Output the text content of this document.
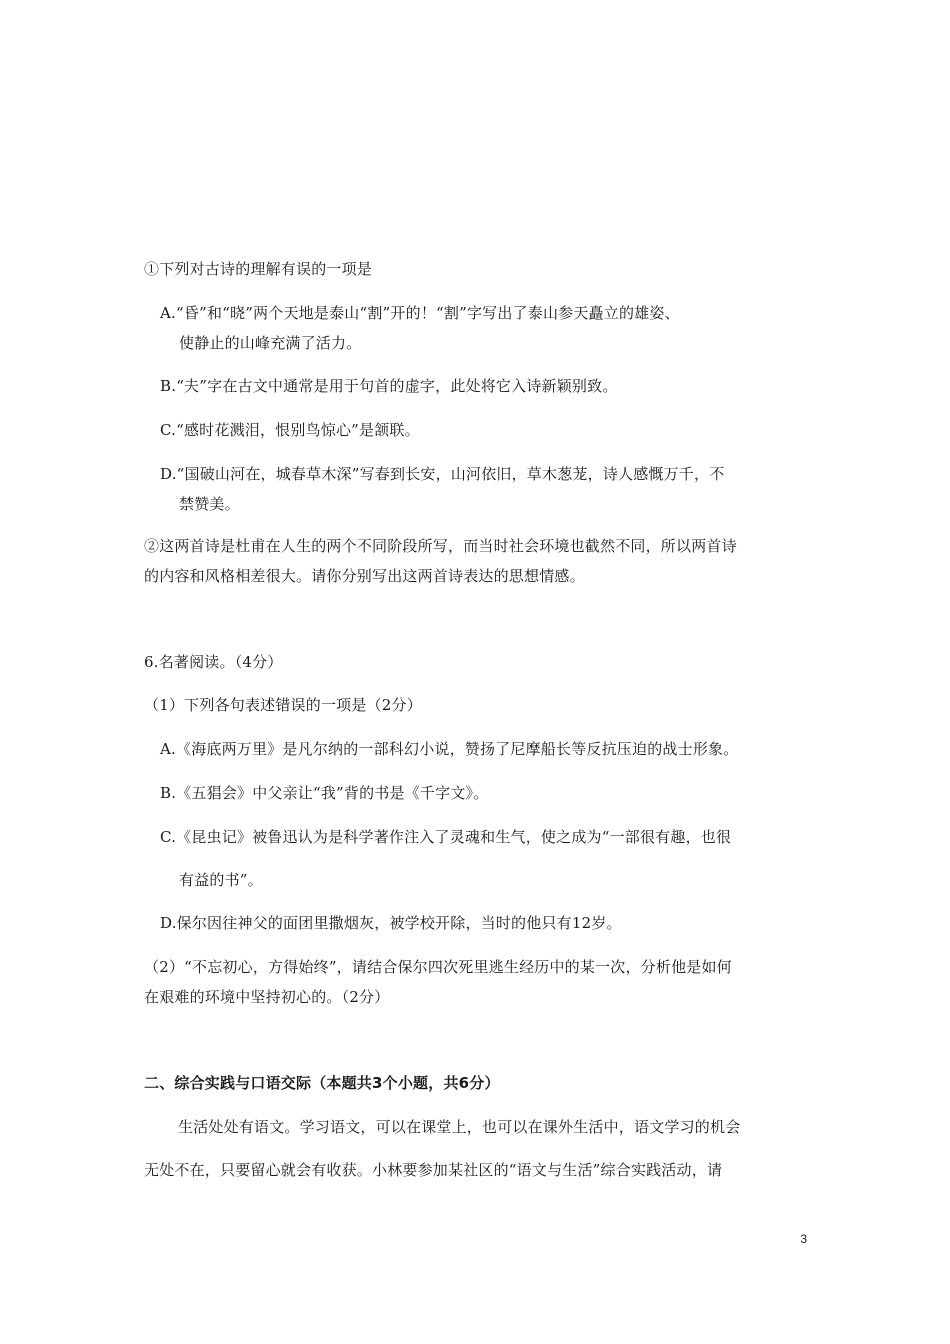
①下列对古诗的理解有误的一项是
A.“昏”和“晓”两个天地是泰山“割”开的！“割”字写出了泰山参天矗立的雄姿、
使静止的山峰充满了活力。
B.“夫”字在古文中通常是用于句首的虚字，此处将它入诗新颖别致。
C.“感时花溅泪，恨别鸟惊心”是颔联。
D.“国破山河在，城春草木深”写春到长安，山河依旧，草木葱茏，诗人感慨万千，不
禁赞美。
②这两首诗是杜甫在人生的两个不同阶段所写，而当时社会环境也截然不同，所以两首诗
的内容和风格相差很大。请你分别写出这两首诗表达的思想情感。
6.名著阅读。（4分）
（1）下列各句表述错误的一项是（2分）
A.《海底两万里》是凡尔纳的一部科幻小说，赞扬了尼摩船长等反抗压迫的战士形象。
B.《五猖会》中父亲让“我”背的书是《千字文》。
C.《昆虫记》被鲁迅认为是科学著作注入了灵魂和生气，使之成为“一部很有趣，也很
有益的书”。
D.保尔因往神父的面团里撒烟灰，被学校开除，当时的他只有12岁。
（2）“不忘初心，方得始终”，请结合保尔四次死里逃生经历中的某一次，分析他是如何
在艰难的环境中坚持初心的。（2分）
二、综合实践与口语交际（本题共3个小题，共6分）
生活处处有语文。学习语文，可以在课堂上，也可以在课外生活中，语文学习的机会
无处不在，只要留心就会有收获。小林要参加某社区的“语文与生活”综合实践活动，请
3
